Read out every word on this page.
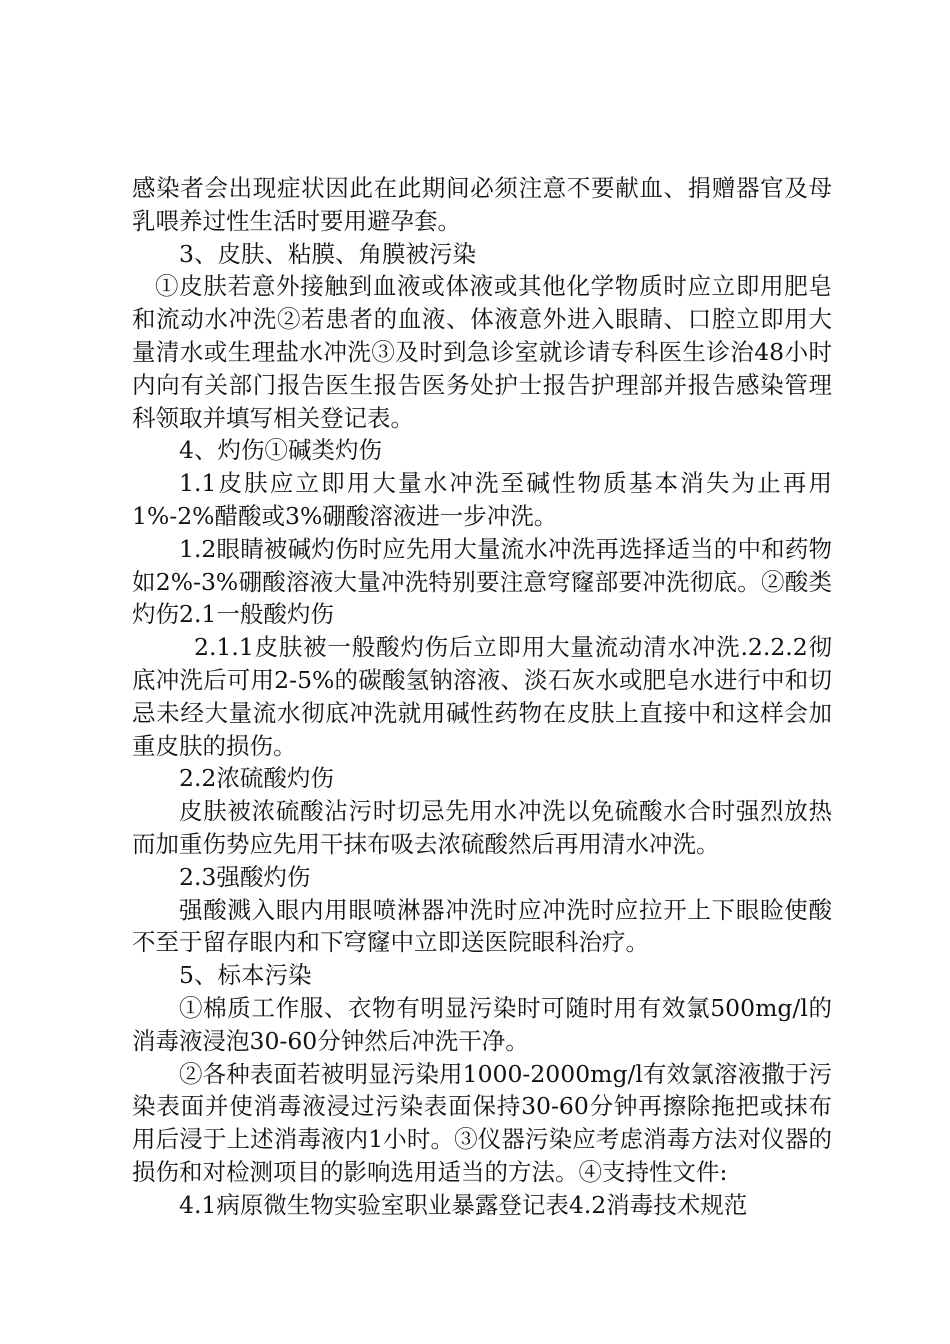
感染者会出现症状因此在此期间必须注意不要献血、捐赠器官及母乳喂养过性生活时要用避孕套。

3、皮肤、粘膜、角膜被污染

①皮肤若意外接触到血液或体液或其他化学物质时应立即用肥皂和流动水冲洗②若患者的血液、体液意外进入眼睛、口腔立即用大量清水或生理盐水冲洗③及时到急诊室就诊请专科医生诊治48小时内向有关部门报告医生报告医务处护士报告护理部并报告感染管理科领取并填写相关登记表。

4、灼伤①碱类灼伤

1.1皮肤应立即用大量水冲洗至碱性物质基本消失为止再用1%-2%醋酸或3%硼酸溶液进一步冲洗。

1.2眼睛被碱灼伤时应先用大量流水冲洗再选择适当的中和药物如2%-3%硼酸溶液大量冲洗特别要注意穹窿部要冲洗彻底。②酸类灼伤2.1一般酸灼伤

2.1.1皮肤被一般酸灼伤后立即用大量流动清水冲洗.2.2.2彻底冲洗后可用2-5%的碳酸氢钠溶液、淡石灰水或肥皂水进行中和切忌未经大量流水彻底冲洗就用碱性药物在皮肤上直接中和这样会加重皮肤的损伤。

2.2浓硫酸灼伤

皮肤被浓硫酸沾污时切忌先用水冲洗以免硫酸水合时强烈放热而加重伤势应先用干抹布吸去浓硫酸然后再用清水冲洗。

2.3强酸灼伤

强酸溅入眼内用眼喷淋器冲洗时应冲洗时应拉开上下眼睑使酸不至于留存眼内和下穹窿中立即送医院眼科治疗。

5、标本污染

①棉质工作服、衣物有明显污染时可随时用有效氯500mg/l的消毒液浸泡30-60分钟然后冲洗干净。

②各种表面若被明显污染用1000-2000mg/l有效氯溶液撒于污染表面并使消毒液浸过污染表面保持30-60分钟再擦除拖把或抹布用后浸于上述消毒液内1小时。③仪器污染应考虑消毒方法对仪器的损伤和对检测项目的影响选用适当的方法。④支持性文件:

4.1病原微生物实验室职业暴露登记表4.2消毒技术规范
